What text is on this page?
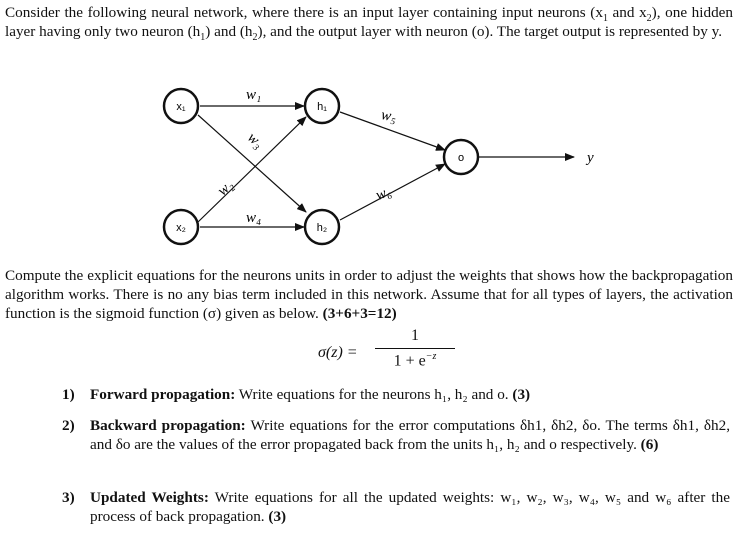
Consider the following neural network, where there is an input layer containing input neurons ($x_1$ and $x_2$), one hidden layer having only two neuron $(h_1)$ and $(h_2)$, and the output layer with neuron (o). The target output is represented by y.
x₁
x₂
h₁
h₂
o
w₁
w₂
w₃
w₄
w₅
w₆
y
Compute the explicit equations for the neurons units in order to adjust the weights that shows how the backpropagation algorithm works. There is no any bias term included in this network. Assume that for all types of layers, the activation function is the sigmoid function (σ) given as below. (3+6+3=12)
σ(z) =
1
$1 + e^{-z}$
1) Forward propagation: Write equations for the neurons h₁, h₂ and o. (3)
2) Backward propagation: Write equations for the error computations δh1, δh2, δo. The terms δh1, δh2, and δo are the values of the error propagated back from the units h₁, h₂ and o respectively. (6)
3) Updated Weights: Write equations for all the updated weights: w₁, w₂, w₃, w₄, w₅ and w₆ after the process of back propagation. (3)
